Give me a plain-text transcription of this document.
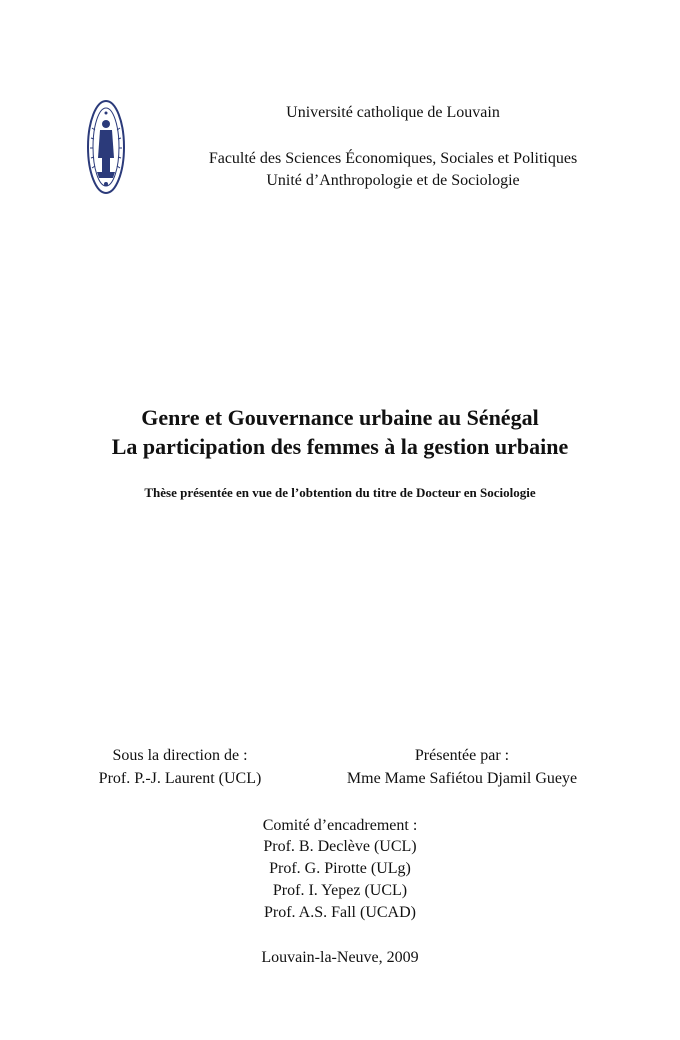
Université catholique de Louvain
Faculté des Sciences Économiques, Sociales et Politiques
Unité d’Anthropologie et de Sociologie
Genre et Gouvernance urbaine au Sénégal
La participation des femmes à la gestion urbaine
Thèse présentée en vue de l’obtention du titre de Docteur en Sociologie
Sous la direction de :
Prof. P.-J. Laurent (UCL)
Présentée par :
Mme Mame Safiétou Djamil Gueye
Comité d’encadrement :
Prof. B. Declève (UCL)
Prof. G. Pirotte (ULg)
Prof. I. Yepez (UCL)
Prof. A.S. Fall (UCAD)
Louvain-la-Neuve, 2009
